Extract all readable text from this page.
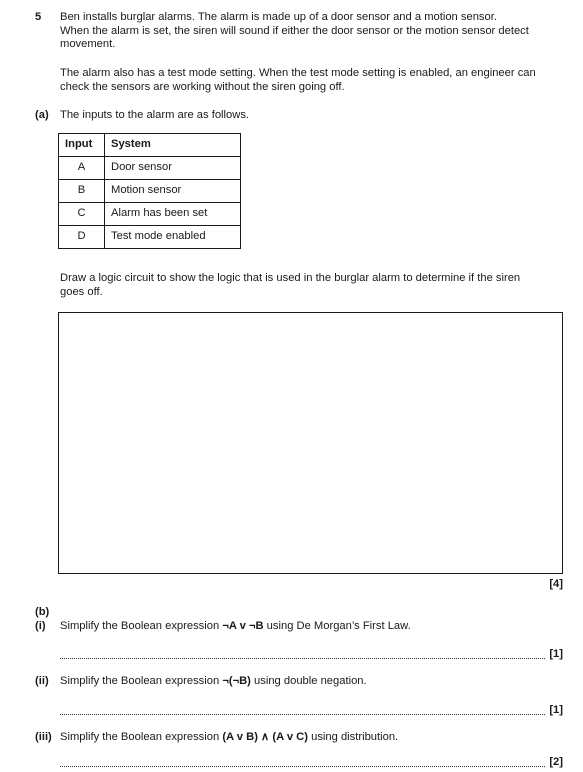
5 Ben installs burglar alarms. The alarm is made up of a door sensor and a motion sensor.
When the alarm is set, the siren will sound if either the door sensor or the motion sensor detect
movement.
The alarm also has a test mode setting. When the test mode setting is enabled, an engineer can
check the sensors are working without the siren going off.
(a) The inputs to the alarm are as follows.
Input	System
A	Door sensor
B	Motion sensor
C	Alarm has been set
D	Test mode enabled
Draw a logic circuit to show the logic that is used in the burglar alarm to determine if the siren
goes off.
[4]
(b)
(i) Simplify the Boolean expression ¬A v ¬B using De Morgan’s First Law.
[1]
(ii) Simplify the Boolean expression ¬(¬B) using double negation.
[1]
(iii) Simplify the Boolean expression (A v B) ∧ (A v C) using distribution.
[2]
